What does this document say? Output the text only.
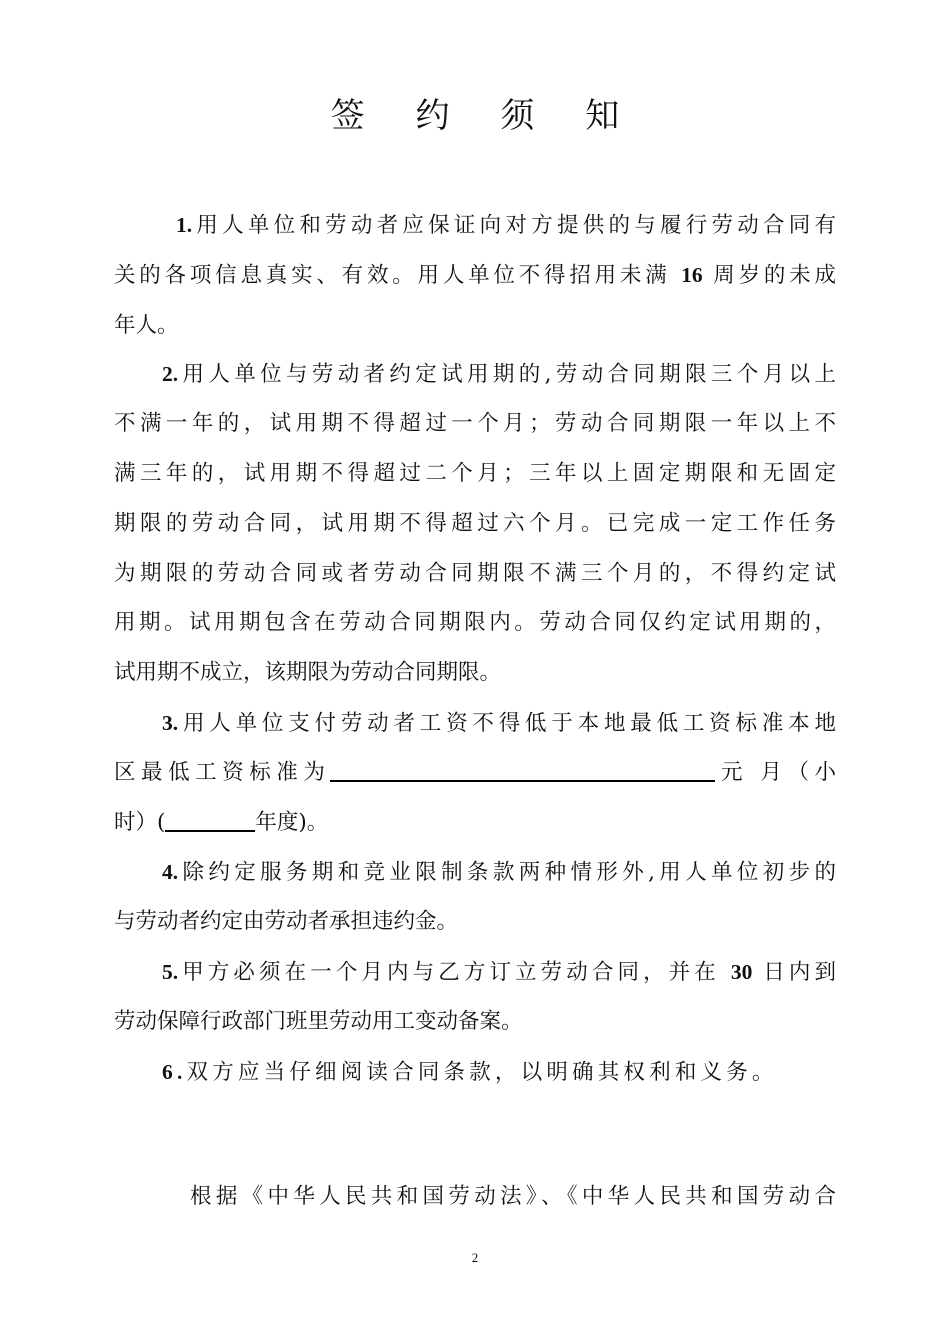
签 约 须 知
1.用人单位和劳动者应保证向对方提供的与履行劳动合同有
关的各项信息真实、有效。用人单位不得招用未满 16 周岁的未成
年人。
2.用人单位与劳动者约定试用期的,劳动合同期限三个月以上
不满一年的，试用期不得超过一个月；劳动合同期限一年以上不
满三年的，试用期不得超过二个月；三年以上固定期限和无固定
期限的劳动合同，试用期不得超过六个月。已完成一定工作任务
为期限的劳动合同或者劳动合同期限不满三个月的，不得约定试
用期。试用期包含在劳动合同期限内。劳动合同仅约定试用期的，
试用期不成立，该期限为劳动合同期限。
3.用人单位支付劳动者工资不得低于本地最低工资标准本地
区最低工资标准为	元 月（小
时）(	年度)。
4.除约定服务期和竞业限制条款两种情形外,用人单位初步的
与劳动者约定由劳动者承担违约金。
5.甲方必须在一个月内与乙方订立劳动合同，并在 30 日内到
劳动保障行政部门班里劳动用工变动备案。
6.双方应当仔细阅读合同条款，以明确其权利和义务。
根据《中华人民共和国劳动法》、《中华人民共和国劳动合
2
